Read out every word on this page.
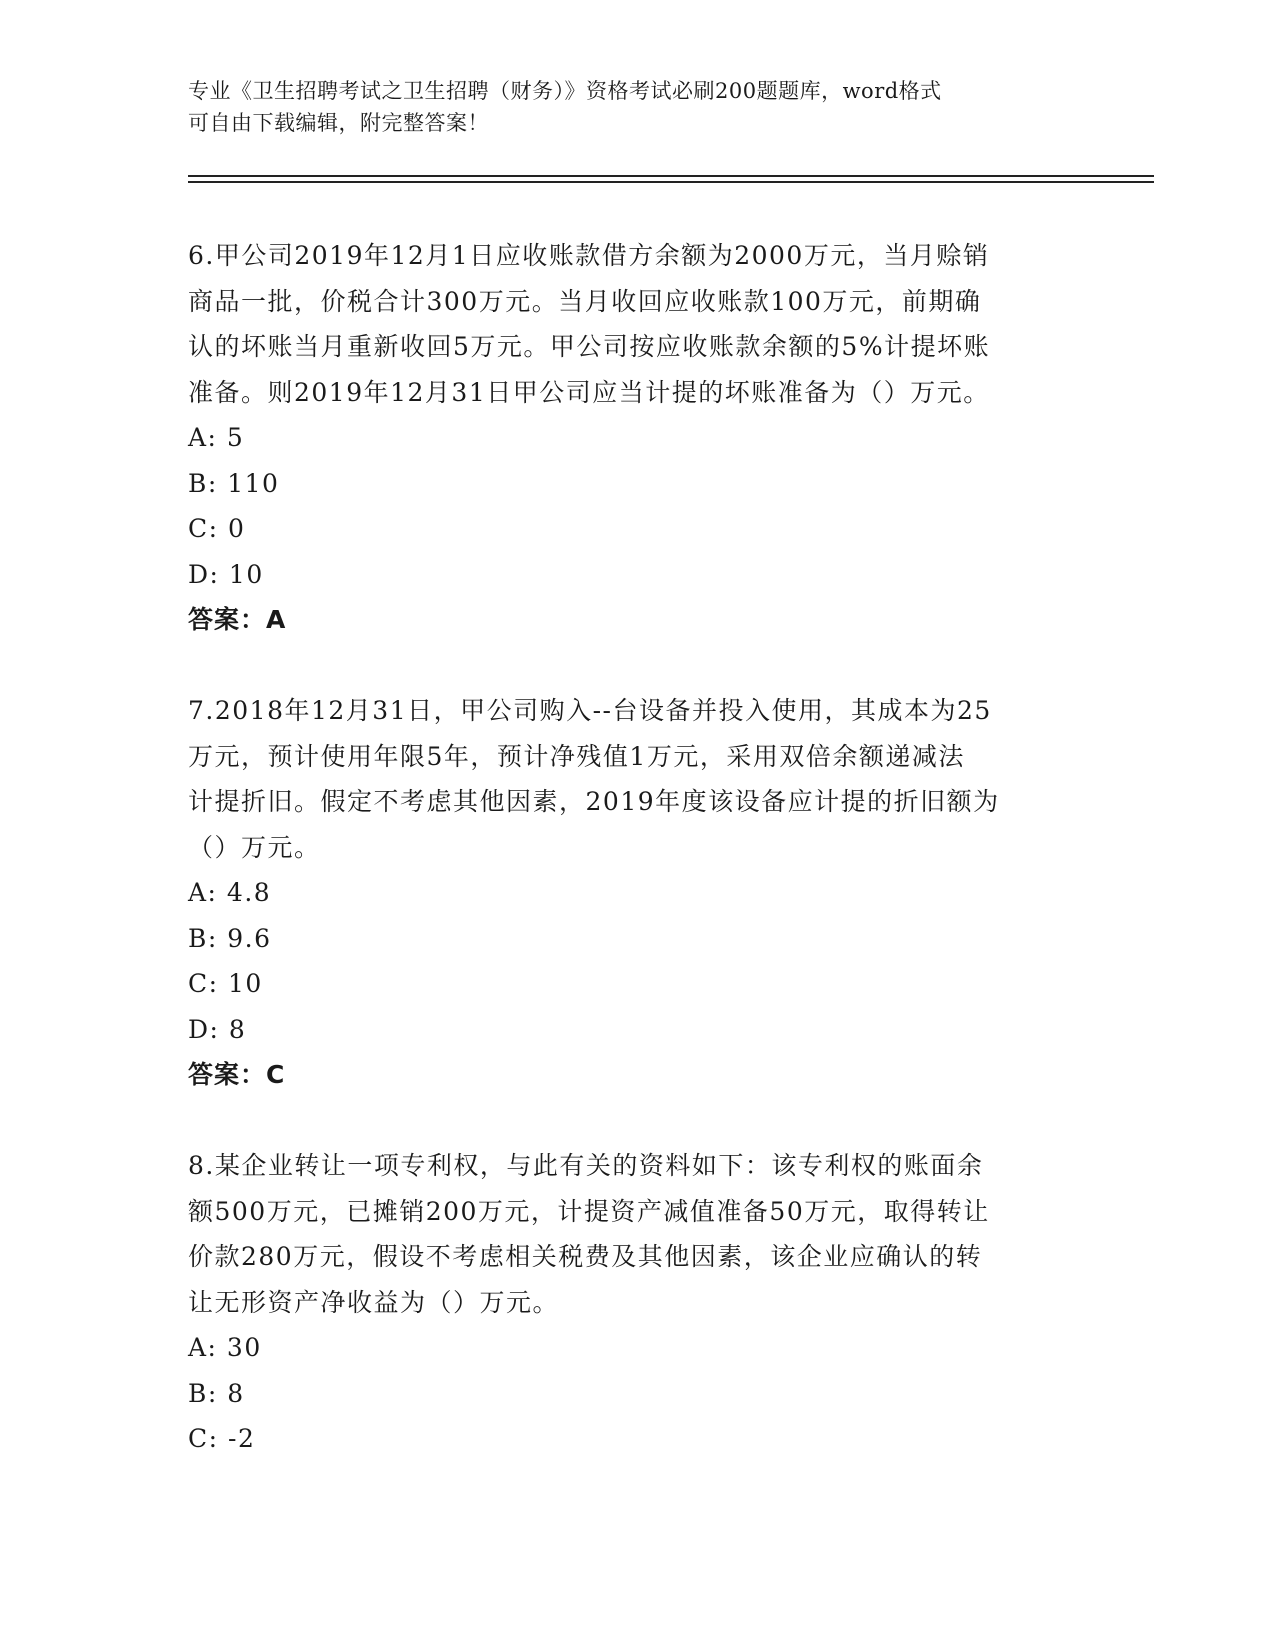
专业《卫生招聘考试之卫生招聘（财务）》资格考试必刷200题题库，word格式
可自由下载编辑，附完整答案！
6.甲公司2019年12月1日应收账款借方余额为2000万元，当月赊销
商品一批，价税合计300万元。当月收回应收账款100万元，前期确
认的坏账当月重新收回5万元。甲公司按应收账款余额的5%计提坏账
准备。则2019年12月31日甲公司应当计提的坏账准备为（）万元。
A: 5
B: 110
C: 0
D: 10
答案：A
7.2018年12月31日，甲公司购入--台设备并投入使用，其成本为25
万元，预计使用年限5年，预计净残值1万元，采用双倍余额递减法
计提折旧。假定不考虑其他因素，2019年度该设备应计提的折旧额为
（）万元。
A: 4.8
B: 9.6
C: 10
D: 8
答案：C
8.某企业转让一项专利权，与此有关的资料如下：该专利权的账面余
额500万元，已摊销200万元，计提资产减值准备50万元，取得转让
价款280万元，假设不考虑相关税费及其他因素，该企业应确认的转
让无形资产净收益为（）万元。
A: 30
B: 8
C: -2
